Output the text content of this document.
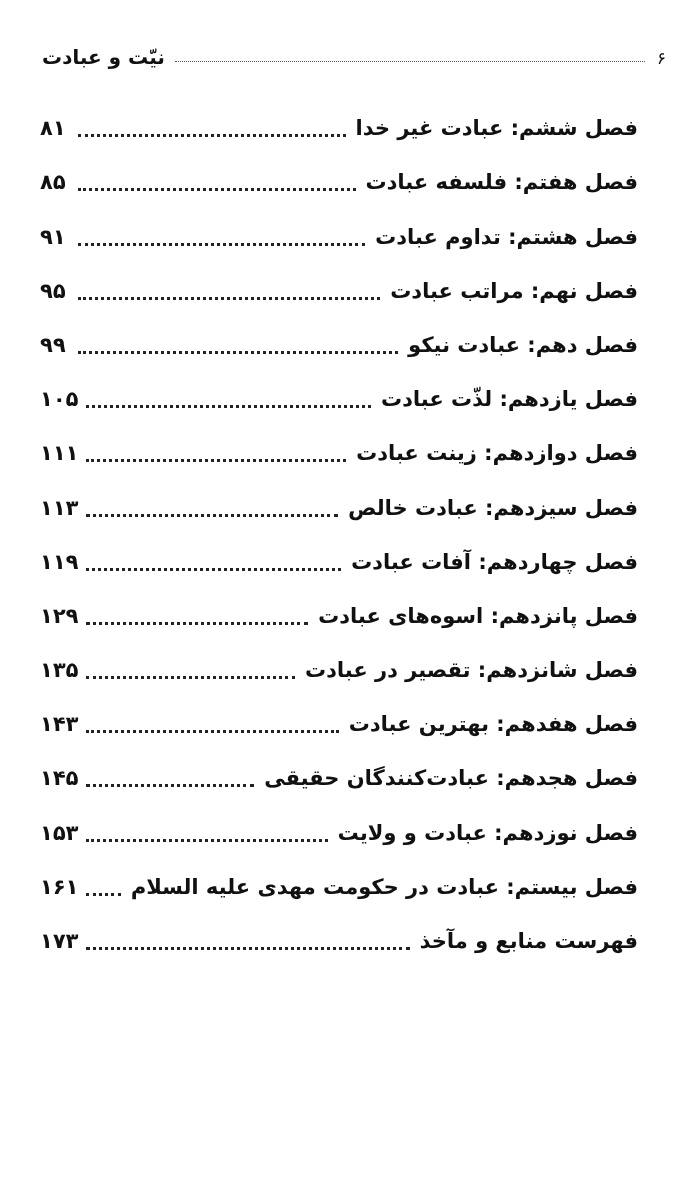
۶
نیّت و عبادت
فصل ششم: عبادت غیر خدا
۸۱
فصل هفتم: فلسفه عبادت
۸۵
فصل هشتم: تداوم عبادت
۹۱
فصل نهم: مراتب عبادت
۹۵
فصل دهم: عبادت نیکو
۹۹
فصل یازدهم: لذّت عبادت
۱۰۵
فصل دوازدهم: زینت عبادت
۱۱۱
فصل سیزدهم: عبادت خالص
۱۱۳
فصل چهاردهم: آفات عبادت
۱۱۹
فصل پانزدهم: اسوه‌های عبادت
۱۲۹
فصل شانزدهم: تقصیر در عبادت
۱۳۵
فصل هفدهم: بهترین عبادت
۱۴۳
فصل هجدهم: عبادت‌کنندگان حقیقی
۱۴۵
فصل نوزدهم: عبادت و ولایت
۱۵۳
فصل بیستم: عبادت در حکومت مهدی علیه السلام
۱۶۱
فهرست منابع و مآخذ
۱۷۳
